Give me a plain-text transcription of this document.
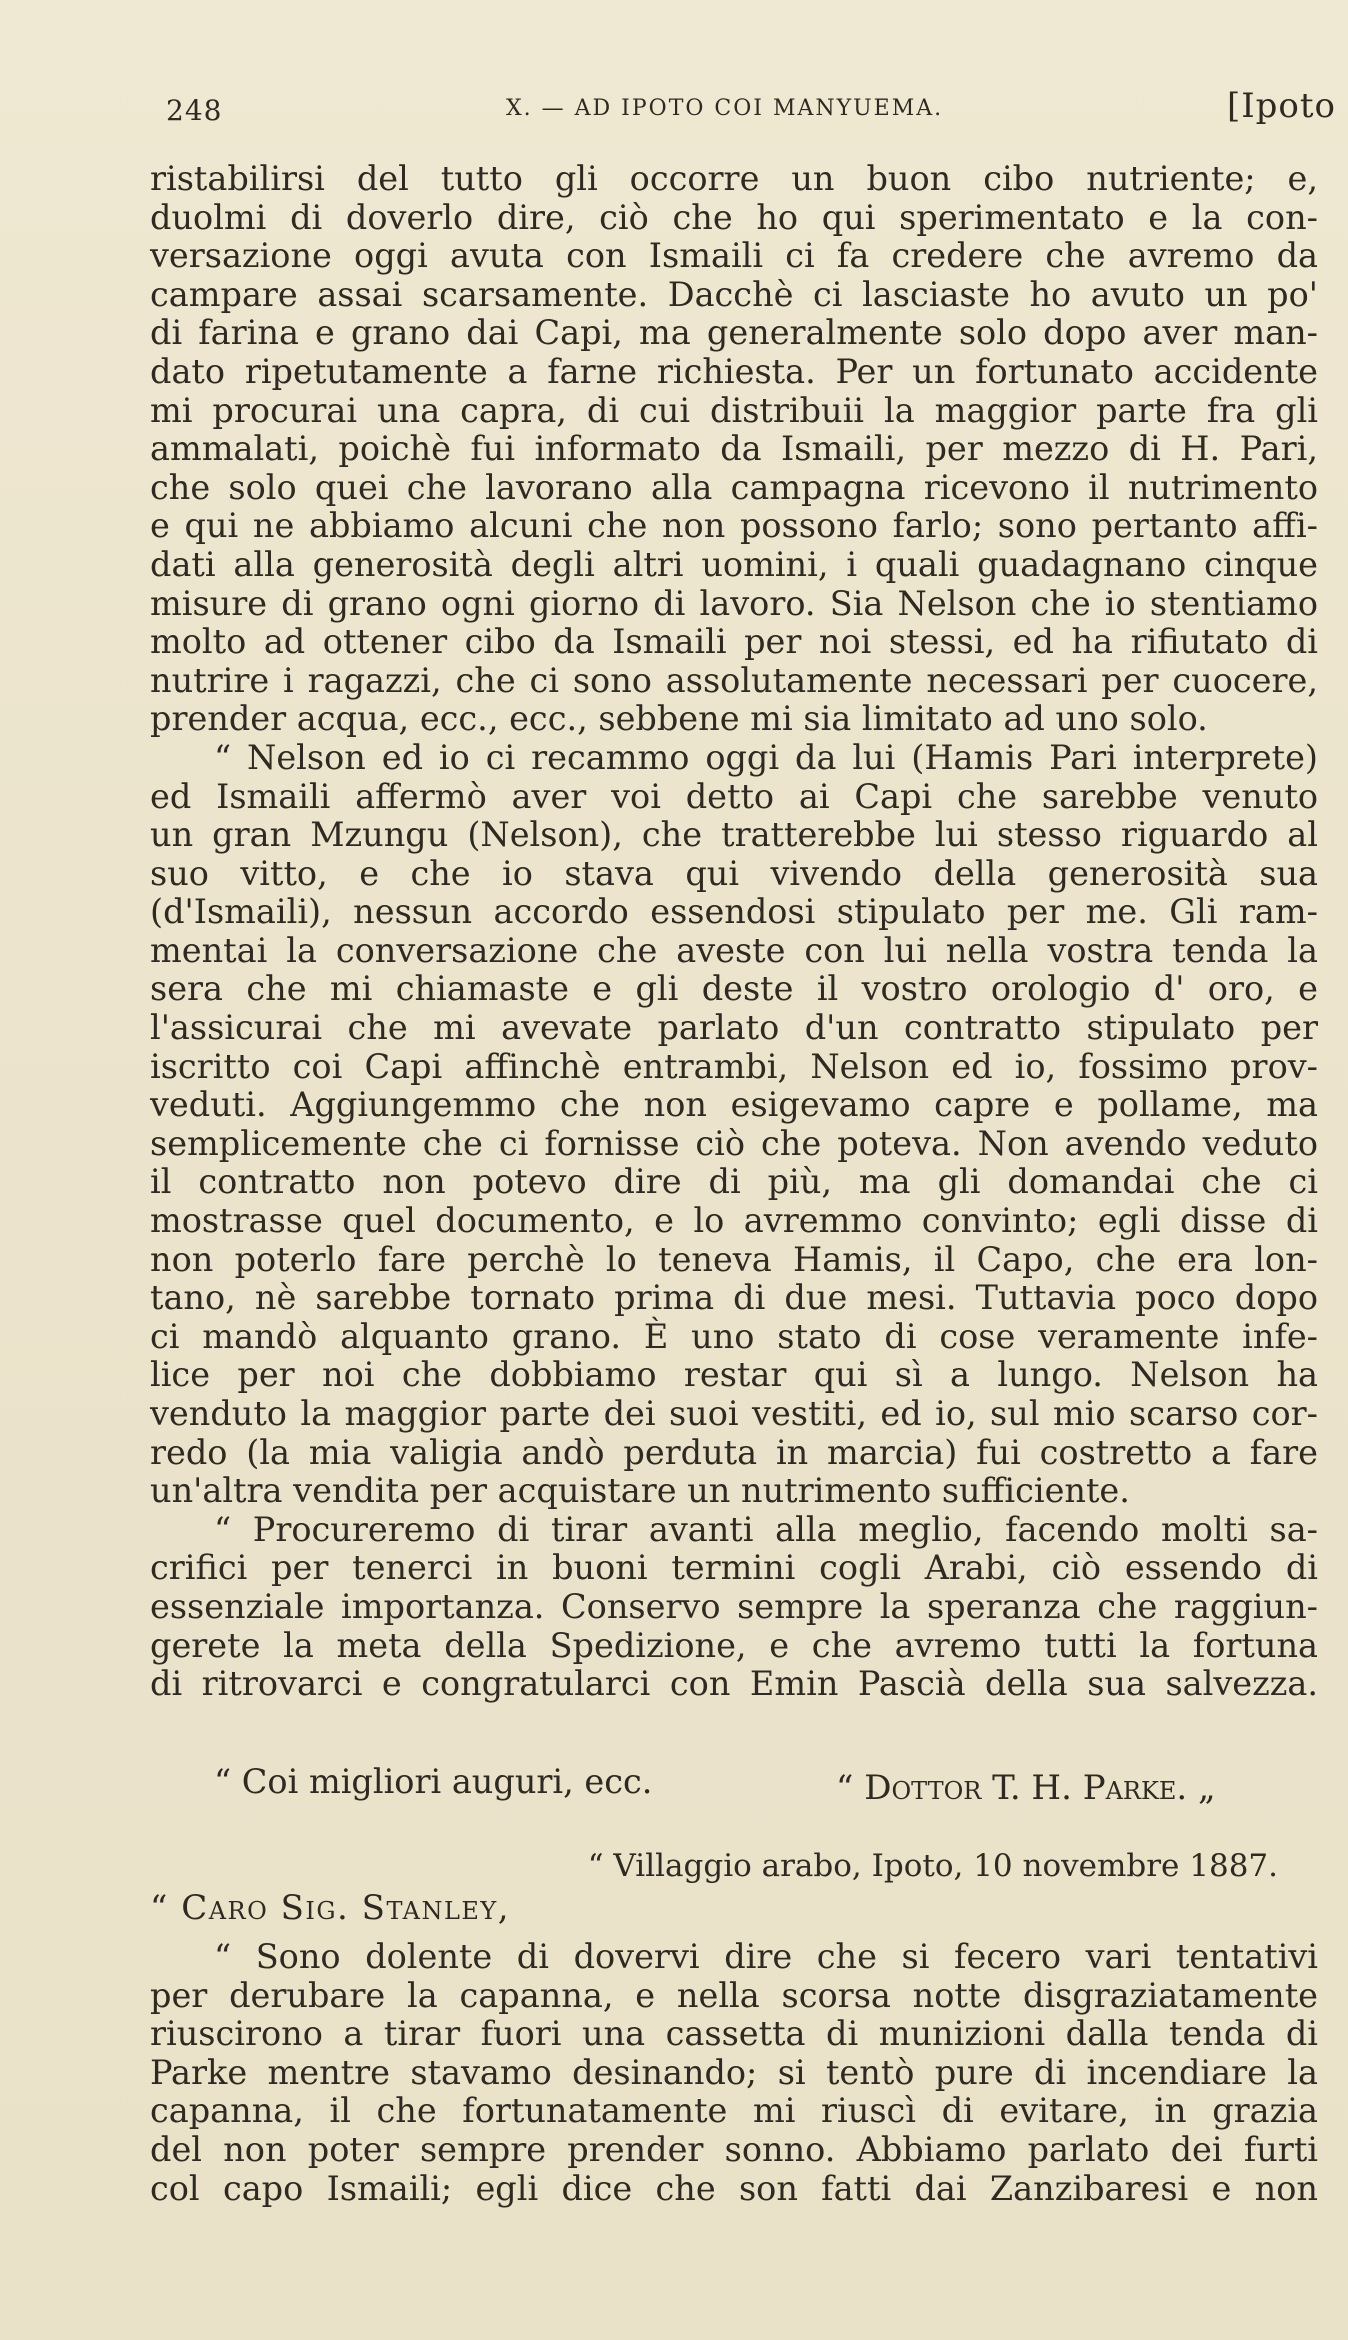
248	X. — AD IPOTO COI MANYUEMA.	[Ipoto
ristabilirsi del tutto gli occorre un buon cibo nutriente; e,
duolmi di doverlo dire, ciò che ho qui sperimentato e la con-
versazione oggi avuta con Ismaili ci fa credere che avremo da
campare assai scarsamente. Dacchè ci lasciaste ho avuto un po'
di farina e grano dai Capi, ma generalmente solo dopo aver man-
dato ripetutamente a farne richiesta. Per un fortunato accidente
mi procurai una capra, di cui distribuii la maggior parte fra gli
ammalati, poichè fui informato da Ismaili, per mezzo di H. Pari,
che solo quei che lavorano alla campagna ricevono il nutrimento
e qui ne abbiamo alcuni che non possono farlo; sono pertanto affi-
dati alla generosità degli altri uomini, i quali guadagnano cinque
misure di grano ogni giorno di lavoro. Sia Nelson che io stentiamo
molto ad ottener cibo da Ismaili per noi stessi, ed ha rifiutato di
nutrire i ragazzi, che ci sono assolutamente necessari per cuocere,
prender acqua, ecc., ecc., sebbene mi sia limitato ad uno solo.
“ Nelson ed io ci recammo oggi da lui (Hamis Pari interprete)
ed Ismaili affermò aver voi detto ai Capi che sarebbe venuto
un gran Mzungu (Nelson), che tratterebbe lui stesso riguardo al
suo vitto, e che io stava qui vivendo della generosità sua
(d'Ismaili), nessun accordo essendosi stipulato per me. Gli ram-
mentai la conversazione che aveste con lui nella vostra tenda la
sera che mi chiamaste e gli deste il vostro orologio d' oro, e
l'assicurai che mi avevate parlato d'un contratto stipulato per
iscritto coi Capi affinchè entrambi, Nelson ed io, fossimo prov-
veduti. Aggiungemmo che non esigevamo capre e pollame, ma
semplicemente che ci fornisse ciò che poteva. Non avendo veduto
il contratto non potevo dire di più, ma gli domandai che ci
mostrasse quel documento, e lo avremmo convinto; egli disse di
non poterlo fare perchè lo teneva Hamis, il Capo, che era lon-
tano, nè sarebbe tornato prima di due mesi. Tuttavia poco dopo
ci mandò alquanto grano. È uno stato di cose veramente infe-
lice per noi che dobbiamo restar qui sì a lungo. Nelson ha
venduto la maggior parte dei suoi vestiti, ed io, sul mio scarso cor-
redo (la mia valigia andò perduta in marcia) fui costretto a fare
un'altra vendita per acquistare un nutrimento sufficiente.
“ Procureremo di tirar avanti alla meglio, facendo molti sa-
crifici per tenerci in buoni termini cogli Arabi, ciò essendo di
essenziale importanza. Conservo sempre la speranza che raggiun-
gerete la meta della Spedizione, e che avremo tutti la fortuna
di ritrovarci e congratularci con Emin Pascià della sua salvezza.
“ Coi migliori auguri, ecc.	“ Dottor T. H. Parke. „
“ Villaggio arabo, Ipoto, 10 novembre 1887.
“ Caro Sig. Stanley,
“ Sono dolente di dovervi dire che si fecero vari tentativi
per derubare la capanna, e nella scorsa notte disgraziatamente
riuscirono a tirar fuori una cassetta di munizioni dalla tenda di
Parke mentre stavamo desinando; si tentò pure di incendiare la
capanna, il che fortunatamente mi riuscì di evitare, in grazia
del non poter sempre prender sonno. Abbiamo parlato dei furti
col capo Ismaili; egli dice che son fatti dai Zanzibaresi e non
